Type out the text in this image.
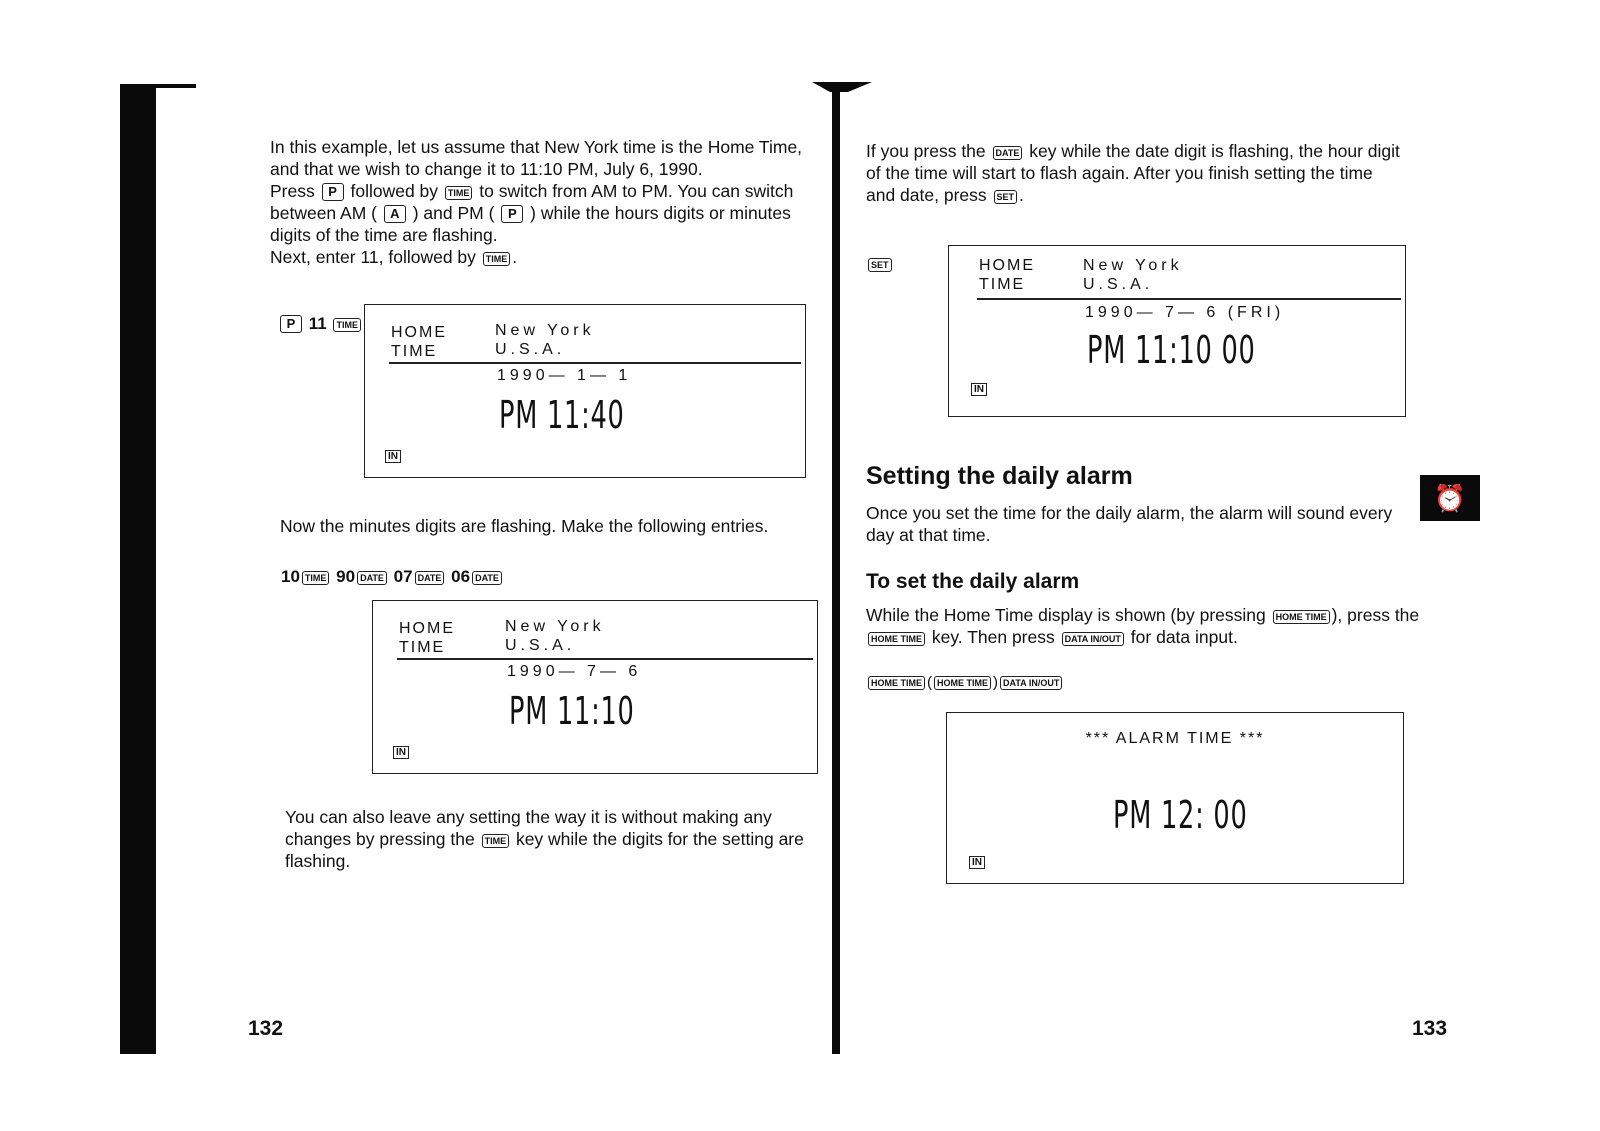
In this example, let us assume that New York time is the Home Time,
and that we wish to change it to 11:10 PM, July 6, 1990.
Press P followed by TIME to switch from AM to PM. You can switch
between AM ( A ) and PM ( P ) while the hours digits or minutes
digits of the time are flashing.
Next, enter 11, followed by TIME .
P 11 TIME	HOME
TIME
New York
U.S.A.
1990— 1— 1
PM 11:40
IN
Now the minutes digits are flashing. Make the following entries.
10 TIME 90 DATE 07 DATE 06 DATE
HOME
TIME
New York
U.S.A.
1990— 7— 6
PM 11:10
IN
You can also leave any setting the way it is without making any
changes by pressing the TIME key while the digits for the setting are
flashing.
132
If you press the DATE key while the date digit is flashing, the hour digit
of the time will start to flash again. After you finish setting the time
and date, press SET .
SET	HOME
TIME
New York
U.S.A.
1990— 7— 6 (FRI)
PM 11:10 00
IN
Setting the daily alarm
Once you set the time for the daily alarm, the alarm will sound every
day at that time.
To set the daily alarm
While the Home Time display is shown (by pressing HOME TIME ), press the
HOME TIME key. Then press DATA IN/OUT for data input.
HOME TIME ( HOME TIME ) DATA IN/OUT
*** ALARM TIME ***
PM 12: 00
IN
133
⏰
